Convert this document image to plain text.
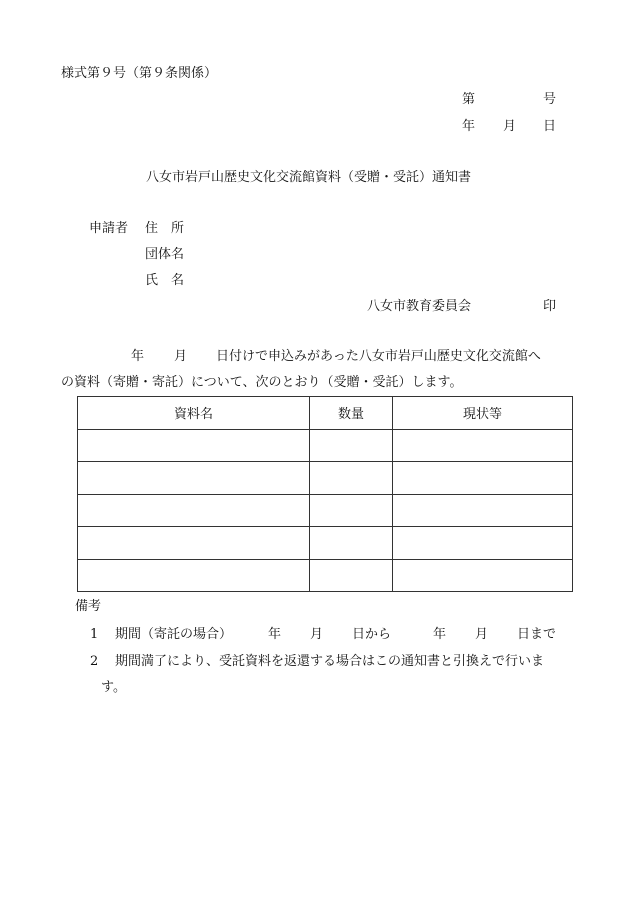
様式第９号（第９条関係）
第	号
年 月 日
八女市岩戸山歴史文化交流館資料（受贈・受託）通知書
申請者 住　所
団体名
氏　名
八女市教育委員会	印
年 月 日付けで申込みがあった八女市岩戸山歴史文化交流館へ
の資料（寄贈・寄託）について、次のとおり（受贈・受託）します。
資料名	数量	現状等

備考
1 期間（寄託の場合）	年 月 日から	年 月 日まで
2 期間満了により、受託資料を返還する場合はこの通知書と引換えで行いま
す。
